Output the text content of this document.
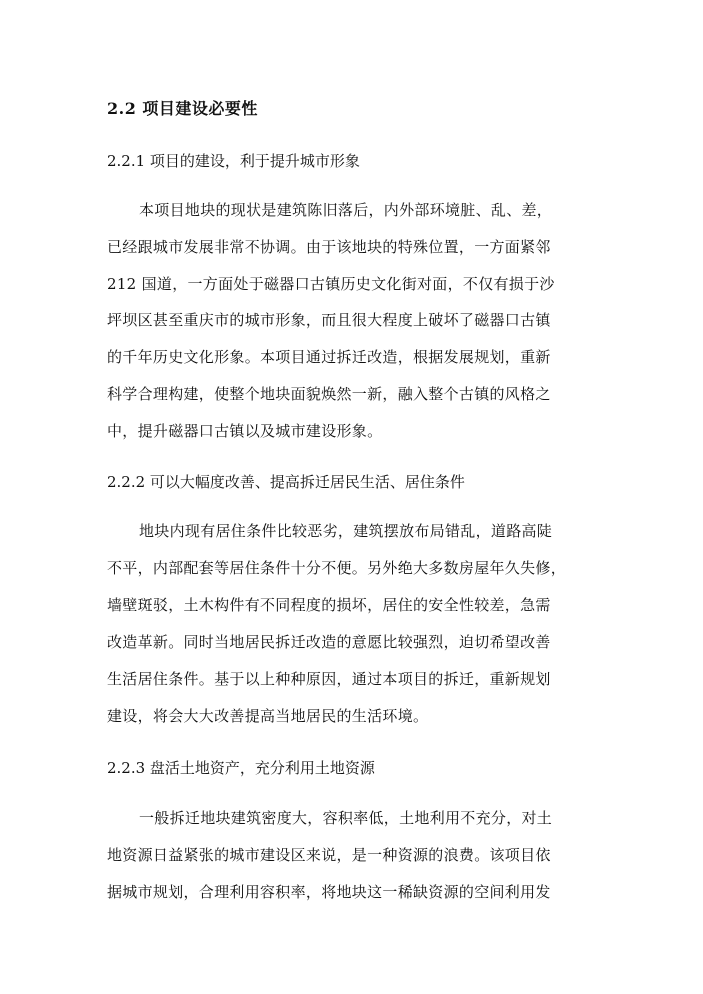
2.2 项目建设必要性
2.2.1 项目的建设，利于提升城市形象
本项目地块的现状是建筑陈旧落后，内外部环境脏、乱、差，
已经跟城市发展非常不协调。由于该地块的特殊位置，一方面紧邻
212 国道，一方面处于磁器口古镇历史文化街对面，不仅有损于沙
坪坝区甚至重庆市的城市形象，而且很大程度上破坏了磁器口古镇
的千年历史文化形象。本项目通过拆迁改造，根据发展规划，重新
科学合理构建，使整个地块面貌焕然一新，融入整个古镇的风格之
中，提升磁器口古镇以及城市建设形象。
2.2.2 可以大幅度改善、提高拆迁居民生活、居住条件
地块内现有居住条件比较恶劣，建筑摆放布局错乱，道路高陡
不平，内部配套等居住条件十分不便。另外绝大多数房屋年久失修，
墙壁斑驳，土木构件有不同程度的损坏，居住的安全性较差，急需
改造革新。同时当地居民拆迁改造的意愿比较强烈，迫切希望改善
生活居住条件。基于以上种种原因，通过本项目的拆迁，重新规划
建设，将会大大改善提高当地居民的生活环境。
2.2.3 盘活土地资产，充分利用土地资源
一般拆迁地块建筑密度大，容积率低，土地利用不充分，对土
地资源日益紧张的城市建设区来说，是一种资源的浪费。该项目依
据城市规划，合理利用容积率，将地块这一稀缺资源的空间利用发
